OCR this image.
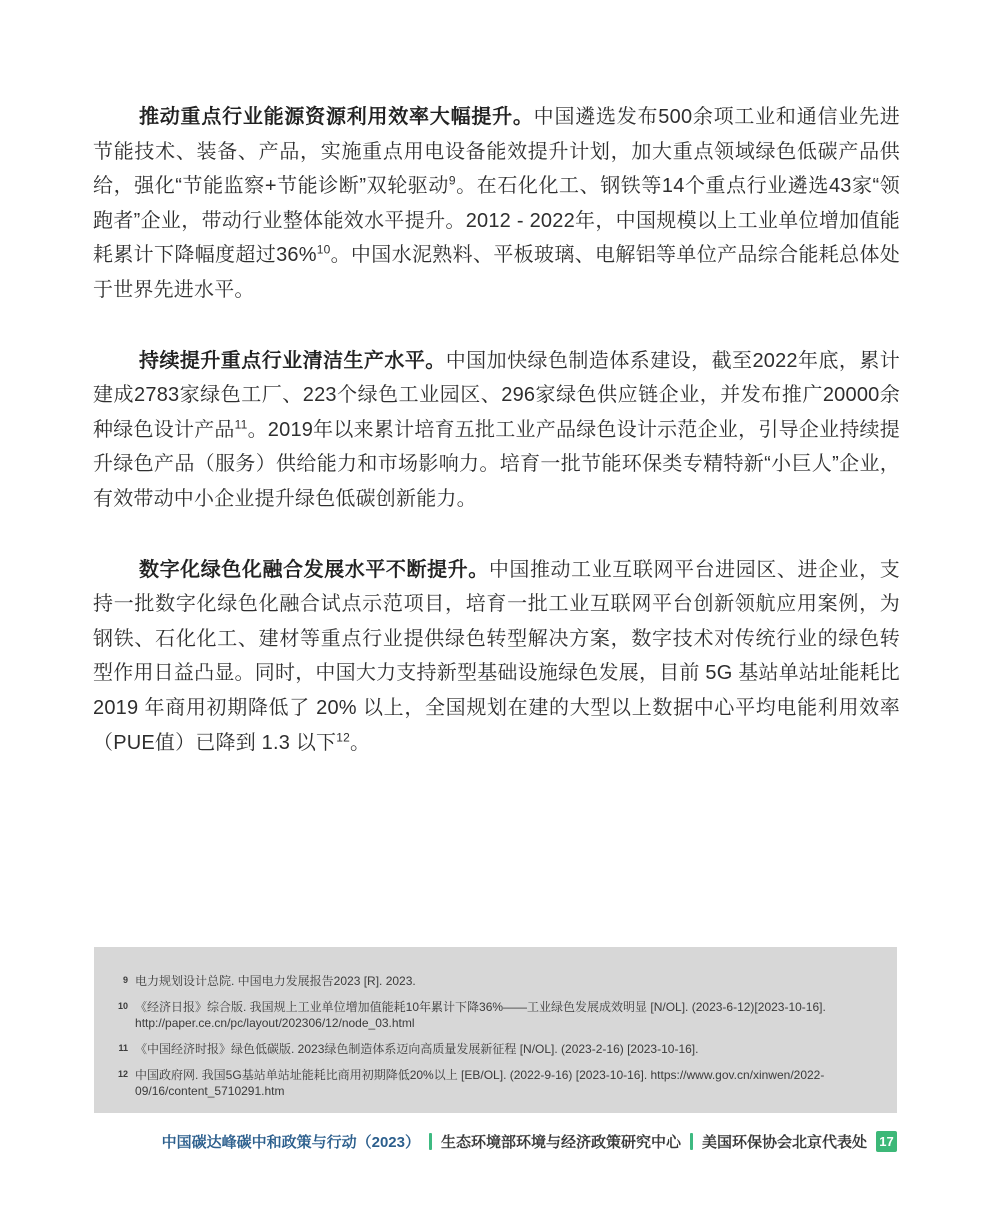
推动重点行业能源资源利用效率大幅提升。中国遴选发布500余项工业和通信业先进节能技术、装备、产品，实施重点用电设备能效提升计划，加大重点领域绿色低碳产品供给，强化“节能监察+节能诊断”双轮驱动$^9$。在石化化工、钢铁等14个重点行业遴选43家“领跑者”企业，带动行业整体能效水平提升。2012 - 2022年，中国规模以上工业单位增加值能耗累计下降幅度超过36%$^{10}$。中国水泥熟料、平板玻璃、电解铝等单位产品综合能耗总体处于世界先进水平。

持续提升重点行业清洁生产水平。中国加快绿色制造体系建设，截至2022年底，累计建成2783家绿色工厂、223个绿色工业园区、296家绿色供应链企业，并发布推广20000余种绿色设计产品$^{11}$。2019年以来累计培育五批工业产品绿色设计示范企业，引导企业持续提升绿色产品（服务）供给能力和市场影响力。培育一批节能环保类专精特新“小巨人”企业，有效带动中小企业提升绿色低碳创新能力。

数字化绿色化融合发展水平不断提升。中国推动工业互联网平台进园区、进企业，支持一批数字化绿色化融合试点示范项目，培育一批工业互联网平台创新领航应用案例，为钢铁、石化化工、建材等重点行业提供绿色转型解决方案，数字技术对传统行业的绿色转型作用日益凸显。同时，中国大力支持新型基础设施绿色发展，目前 5G 基站单站址能耗比 2019 年商用初期降低了 20% 以上，全国规划在建的大型以上数据中心平均电能利用效率（PUE值）已降到 1.3 以下$^{12}$。

9 电力规划设计总院. 中国电力发展报告2023 [R]. 2023.
10 《经济日报》综合版. 我国规上工业单位增加值能耗10年累计下降36%——工业绿色发展成效明显 [N/OL]. (2023-6-12)[2023-10-16]. http://paper.ce.cn/pc/layout/202306/12/node_03.html
11 《中国经济时报》绿色低碳版. 2023绿色制造体系迈向高质量发展新征程 [N/OL]. (2023-2-16) [2023-10-16].
12 中国政府网. 我国5G基站单站址能耗比商用初期降低20%以上 [EB/OL]. (2022-9-16) [2023-10-16]. https://www.gov.cn/xinwen/2022-09/16/content_5710291.htm
中国碳达峰碳中和政策与行动（2023） 生态环境部环境与经济政策研究中心 美国环保协会北京代表处 17
